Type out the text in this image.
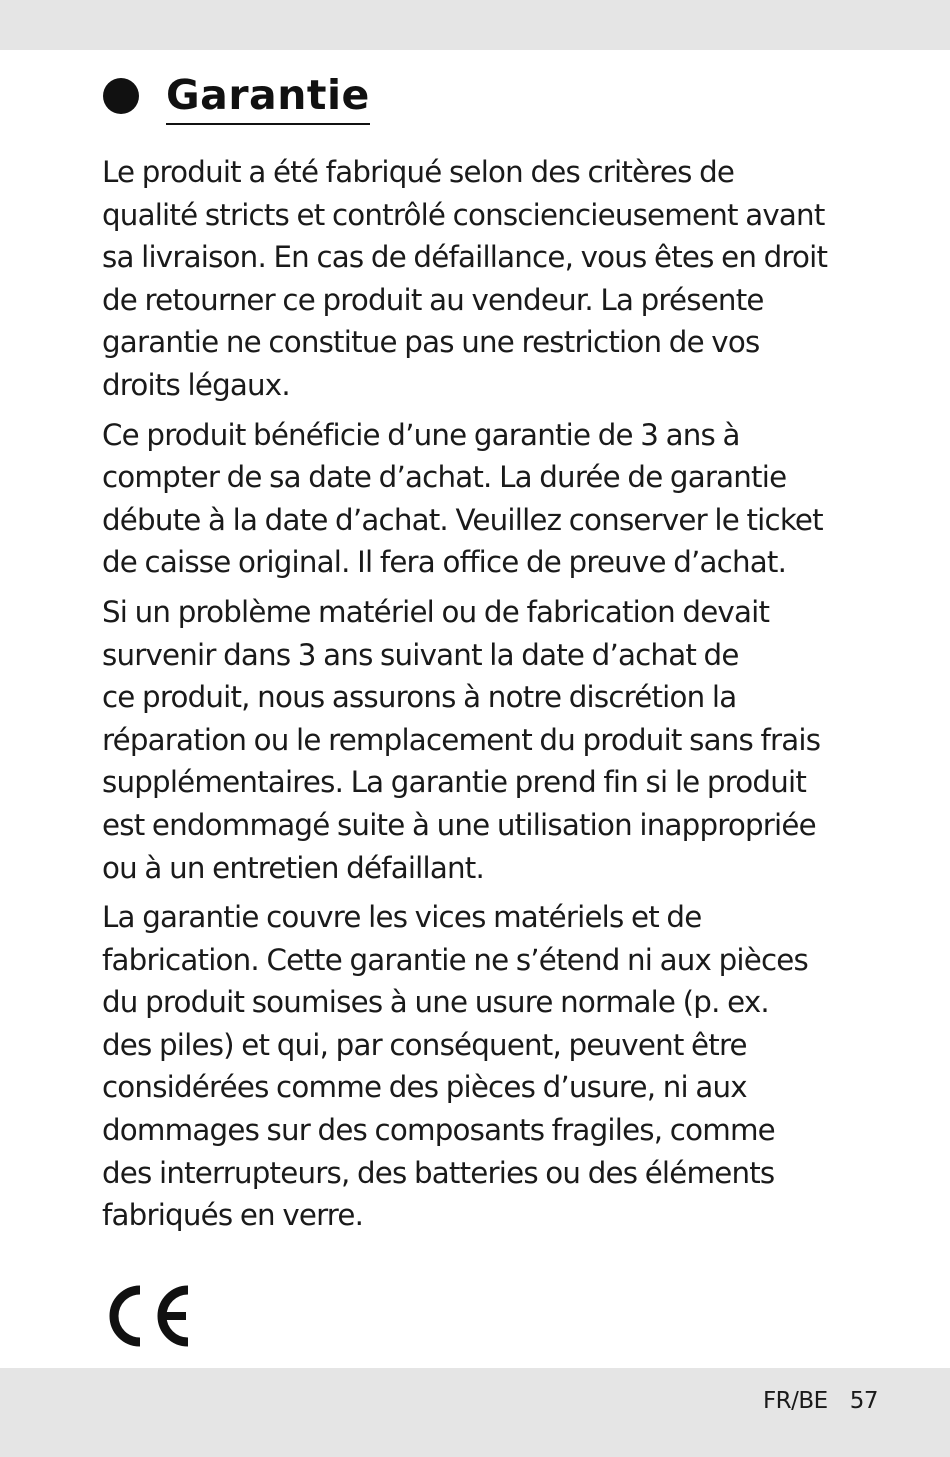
Garantie
Le produit a été fabriqué selon des critères de
qualité stricts et contrôlé consciencieusement avant
sa livraison. En cas de défaillance, vous êtes en droit
de retourner ce produit au vendeur. La présente
garantie ne constitue pas une restriction de vos
droits légaux.
Ce produit bénéficie d’une garantie de 3 ans à
compter de sa date d’achat. La durée de garantie
débute à la date d’achat. Veuillez conserver le ticket
de caisse original. Il fera office de preuve d’achat.
Si un problème matériel ou de fabrication devait
survenir dans 3 ans suivant la date d’achat de
ce produit, nous assurons à notre discrétion la
réparation ou le remplacement du produit sans frais
supplémentaires. La garantie prend fin si le produit
est endommagé suite à une utilisation inappropriée
ou à un entretien défaillant.
La garantie couvre les vices matériels et de
fabrication. Cette garantie ne s’étend ni aux pièces
du produit soumises à une usure normale (p. ex.
des piles) et qui, par conséquent, peuvent être
considérées comme des pièces d’usure, ni aux
dommages sur des composants fragiles, comme
des interrupteurs, des batteries ou des éléments
fabriqués en verre.
FR/BE 57
